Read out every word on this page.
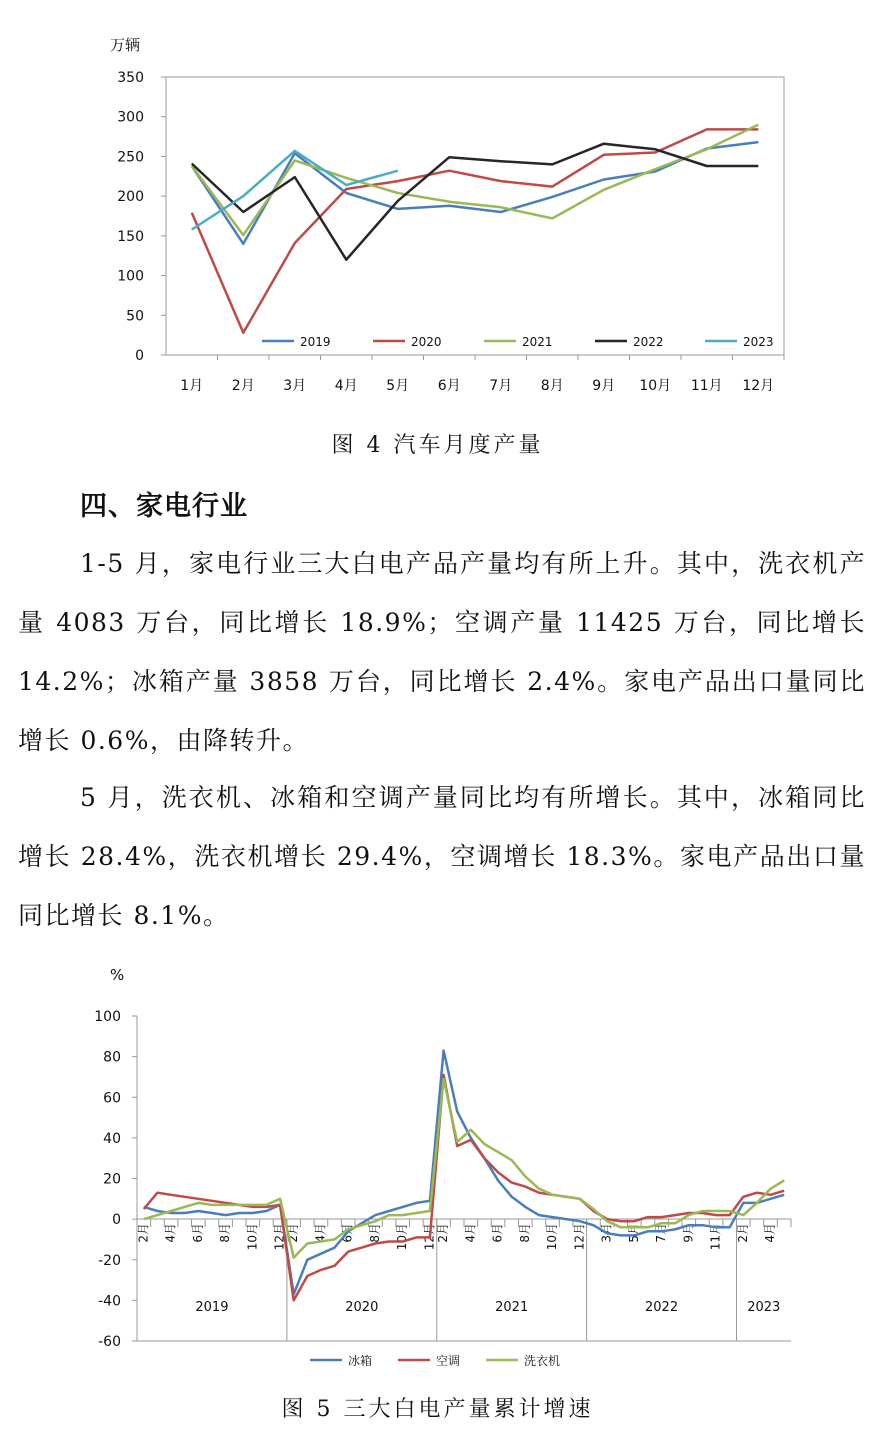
万辆
0
50
100
150
200
250
300
350
1月 2月 3月 4月 5月 6月 7月 8月 9月 10月 11月 12月
2019	2020	2021	2022	2023
图 4 汽车月度产量
四、家电行业
1-5 月，家电行业三大白电产品产量均有所上升。其中，洗衣机产量 4083 万台，同比增长 18.9%；空调产量 11425 万台，同比增长 14.2%；冰箱产量 3858 万台，同比增长 2.4%。家电产品出口量同比增长 0.6%，由降转升。
5 月，洗衣机、冰箱和空调产量同比均有所增长。其中，冰箱同比增长 28.4%，洗衣机增长 29.4%，空调增长 18.3%。家电产品出口量同比增长 8.1%。
%
-60
-40
-20
0
20
40
60
80
100
2月 4月 6月 8月 10月 12月
2019
2月 4月 6月 8月 10月 12月
2020
2月 4月 6月 8月 10月 12月
2021
3月 5月 7月 9月 11月
2022
2月 4月
2023
冰箱	空调	洗衣机
图 5 三大白电产量累计增速
